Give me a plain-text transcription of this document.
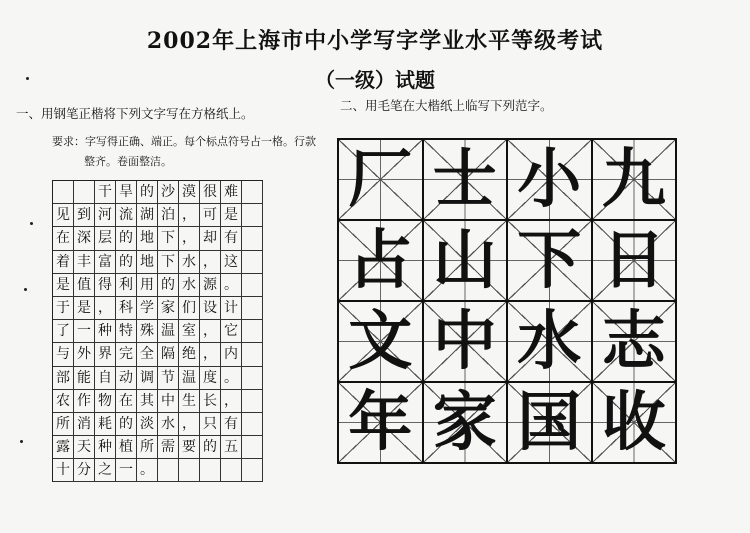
2002年上海市中小学写字学业水平等级考试
（一级）试题
一、用钢笔正楷将下列文字写在方格纸上。
二、用毛笔在大楷纸上临写下列范字。
要求：字写得正确、端正。每个标点符号占一格。行款
整齐。卷面整洁。
干 旱 的 沙 漠 很 难
见 到 河 流 湖 泊 ， 可 是
在 深 层 的 地 下 ， 却 有
着 丰 富 的 地 下 水 ， 这
是 值 得 利 用 的 水 源 。
于 是 ， 科 学 家 们 设 计
了 一 种 特 殊 温 室 ， 它
与 外 界 完 全 隔 绝 ， 内
部 能 自 动 调 节 温 度 。
农 作 物 在 其 中 生 长 ，
所 消 耗 的 淡 水 ， 只 有
露 天 种 植 所 需 要 的 五
十 分 之 一 。
厂 士 小 九
占 山 下 日
文 中 水 志
年 家 国 收
